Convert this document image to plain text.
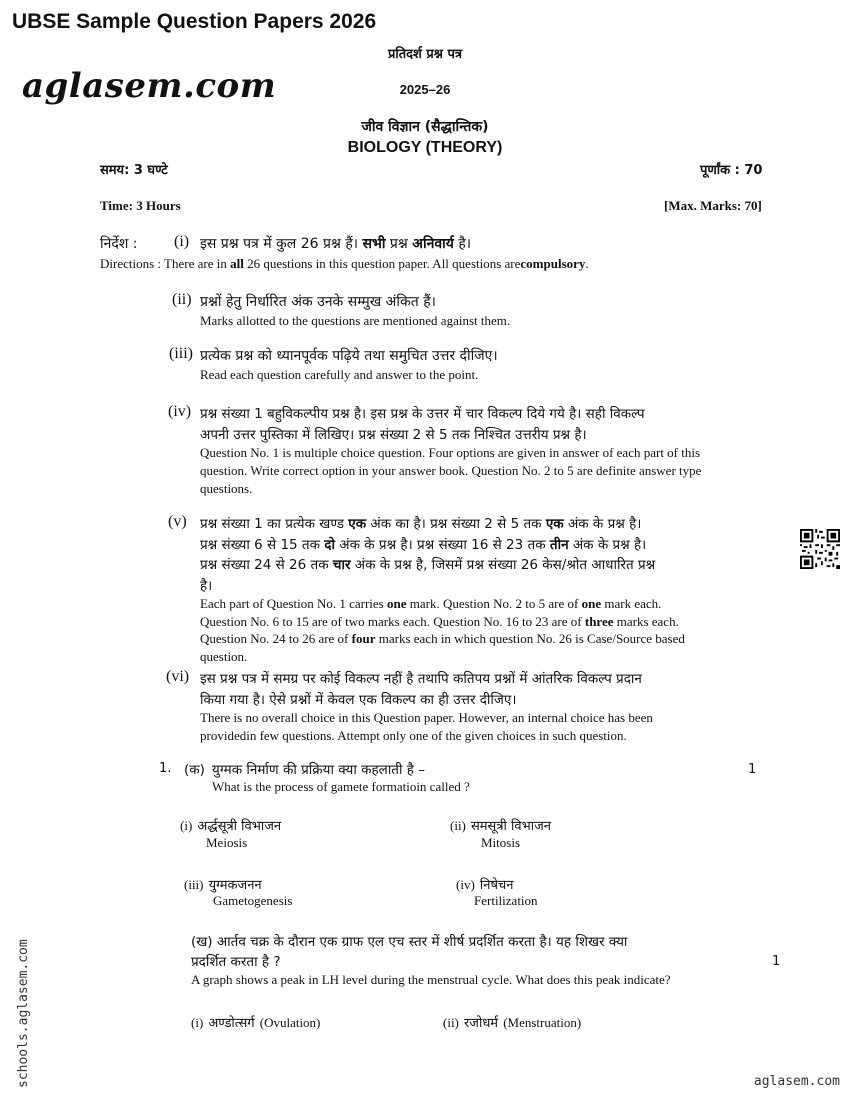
UBSE Sample Question Papers 2026
aglasem.com
प्रतिदर्श प्रश्न पत्र
2025–26
जीव विज्ञान (सैद्धान्तिक)
BIOLOGY (THEORY)
समय: 3 घण्टे	पूर्णांक : 70
Time: 3 Hours	[Max. Marks: 70]
निर्देश : (i) इस प्रश्न पत्र में कुल 26 प्रश्न हैं। सभी प्रश्न अनिवार्य है।
Directions : There are in all 26 questions in this question paper. All questions arecompulsory.
(ii) प्रश्नों हेतु निर्धारित अंक उनके सम्मुख अंकित हैं।
Marks allotted to the questions are mentioned against them.
(iii) प्रत्येक प्रश्न को ध्यानपूर्वक पढ़िये तथा समुचित उत्तर दीजिए।
Read each question carefully and answer to the point.
(iv) प्रश्न संख्या 1 बहुविकल्पीय प्रश्न है। इस प्रश्न के उत्तर में चार विकल्प दिये गये है। सही विकल्प
अपनी उत्तर पुस्तिका में लिखिए। प्रश्न संख्या 2 से 5 तक निश्चित उत्तरीय प्रश्न है।
Question No. 1 is multiple choice question. Four options are given in answer of each part of this
question. Write correct option in your answer book. Question No. 2 to 5 are definite answer type
questions.
(v) प्रश्न संख्या 1 का प्रत्येक खण्ड एक अंक का है। प्रश्न संख्या 2 से 5 तक एक अंक के प्रश्न है।
प्रश्न संख्या 6 से 15 तक दो अंक के प्रश्न है। प्रश्न संख्या 16 से 23 तक तीन अंक के प्रश्न है।
प्रश्न संख्या 24 से 26 तक चार अंक के प्रश्न है, जिसमें प्रश्न संख्या 26 केस/श्रोत आधारित प्रश्न
है।
Each part of Question No. 1 carries one mark. Question No. 2 to 5 are of one mark each.
Question No. 6 to 15 are of two marks each. Question No. 16 to 23 are of three marks each.
Question No. 24 to 26 are of four marks each in which question No. 26 is Case/Source based
question.
(vi) इस प्रश्न पत्र में समग्र पर कोई विकल्प नहीं है तथापि कतिपय प्रश्नों में आंतरिक विकल्प प्रदान
किया गया है। ऐसे प्रश्नों में केवल एक विकल्प का ही उत्तर दीजिए।
There is no overall choice in this Question paper. However, an internal choice has been
providedin few questions. Attempt only one of the given choices in such question.
1. (क) युग्मक निर्माण की प्रक्रिया क्या कहलाती है –	1
What is the process of gamete formatioin called ?
(i) अर्द्धसूत्री विभाजन
Meiosis
(ii) समसूत्री विभाजन
Mitosis
(iii) युग्मकजनन
Gametogenesis
(iv) निषेचन
Fertilization
(ख) आर्तव चक्र के दौरान एक ग्राफ एल एच स्तर में शीर्ष प्रदर्शित करता है। यह शिखर क्या
प्रदर्शित करता है ?	1
A graph shows a peak in LH level during the menstrual cycle. What does this peak indicate?
(i) अण्डोत्सर्ग (Ovulation)	(ii) रजोधर्म (Menstruation)
schools.aglasem.com	aglasem.com
